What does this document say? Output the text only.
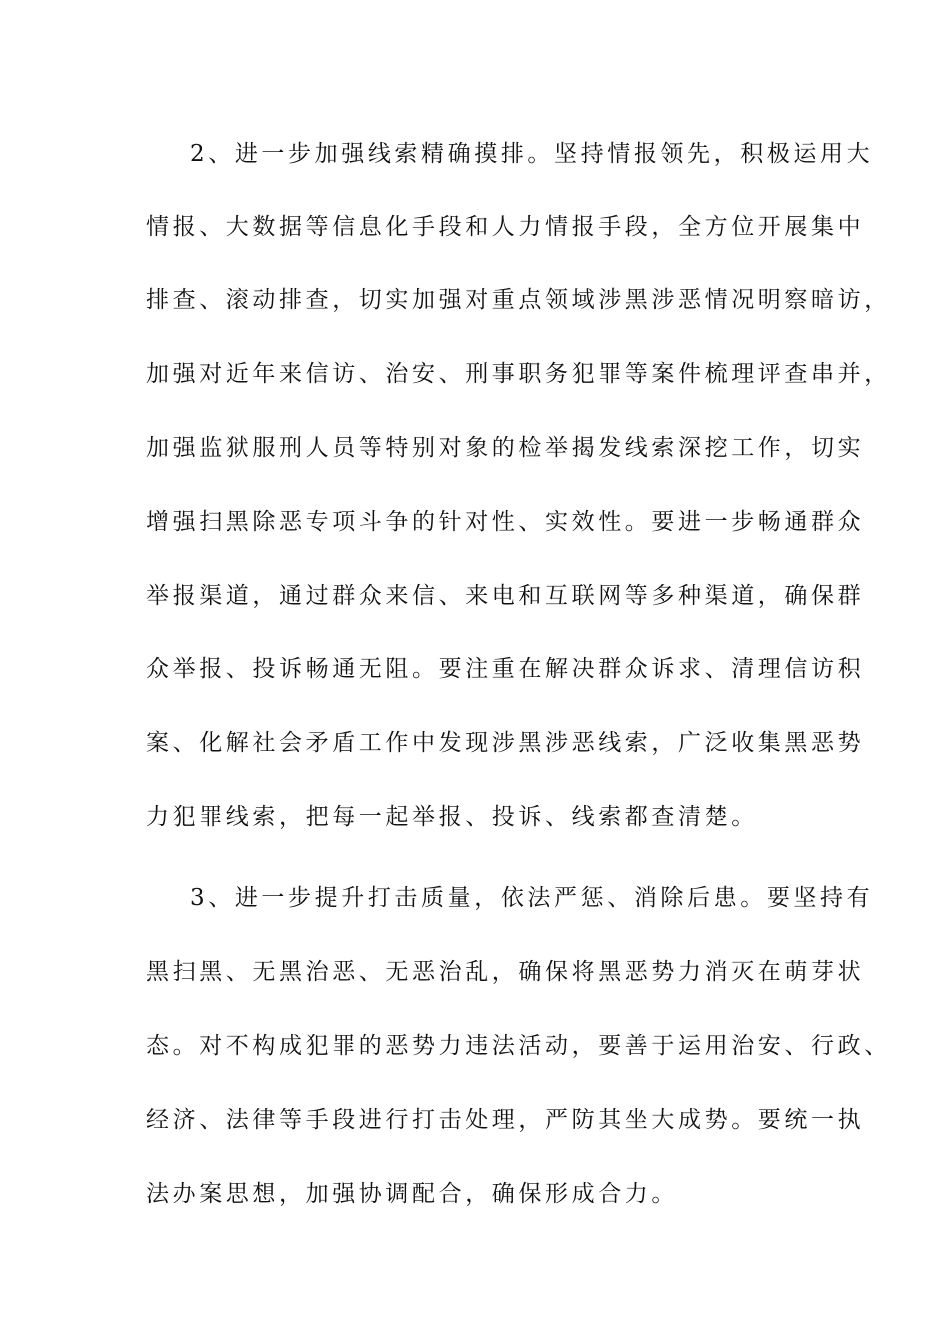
2、进一步加强线索精确摸排。坚持情报领先，积极运用大
情报、大数据等信息化手段和人力情报手段，全方位开展集中
排查、滚动排查，切实加强对重点领域涉黑涉恶情况明察暗访，
加强对近年来信访、治安、刑事职务犯罪等案件梳理评查串并，
加强监狱服刑人员等特别对象的检举揭发线索深挖工作，切实
增强扫黑除恶专项斗争的针对性、实效性。要进一步畅通群众
举报渠道，通过群众来信、来电和互联网等多种渠道，确保群
众举报、投诉畅通无阻。要注重在解决群众诉求、清理信访积
案、化解社会矛盾工作中发现涉黑涉恶线索，广泛收集黑恶势
力犯罪线索，把每一起举报、投诉、线索都查清楚。
3、进一步提升打击质量，依法严惩、消除后患。要坚持有
黑扫黑、无黑治恶、无恶治乱，确保将黑恶势力消灭在萌芽状
态。对不构成犯罪的恶势力违法活动，要善于运用治安、行政、
经济、法律等手段进行打击处理，严防其坐大成势。要统一执
法办案思想，加强协调配合，确保形成合力。
